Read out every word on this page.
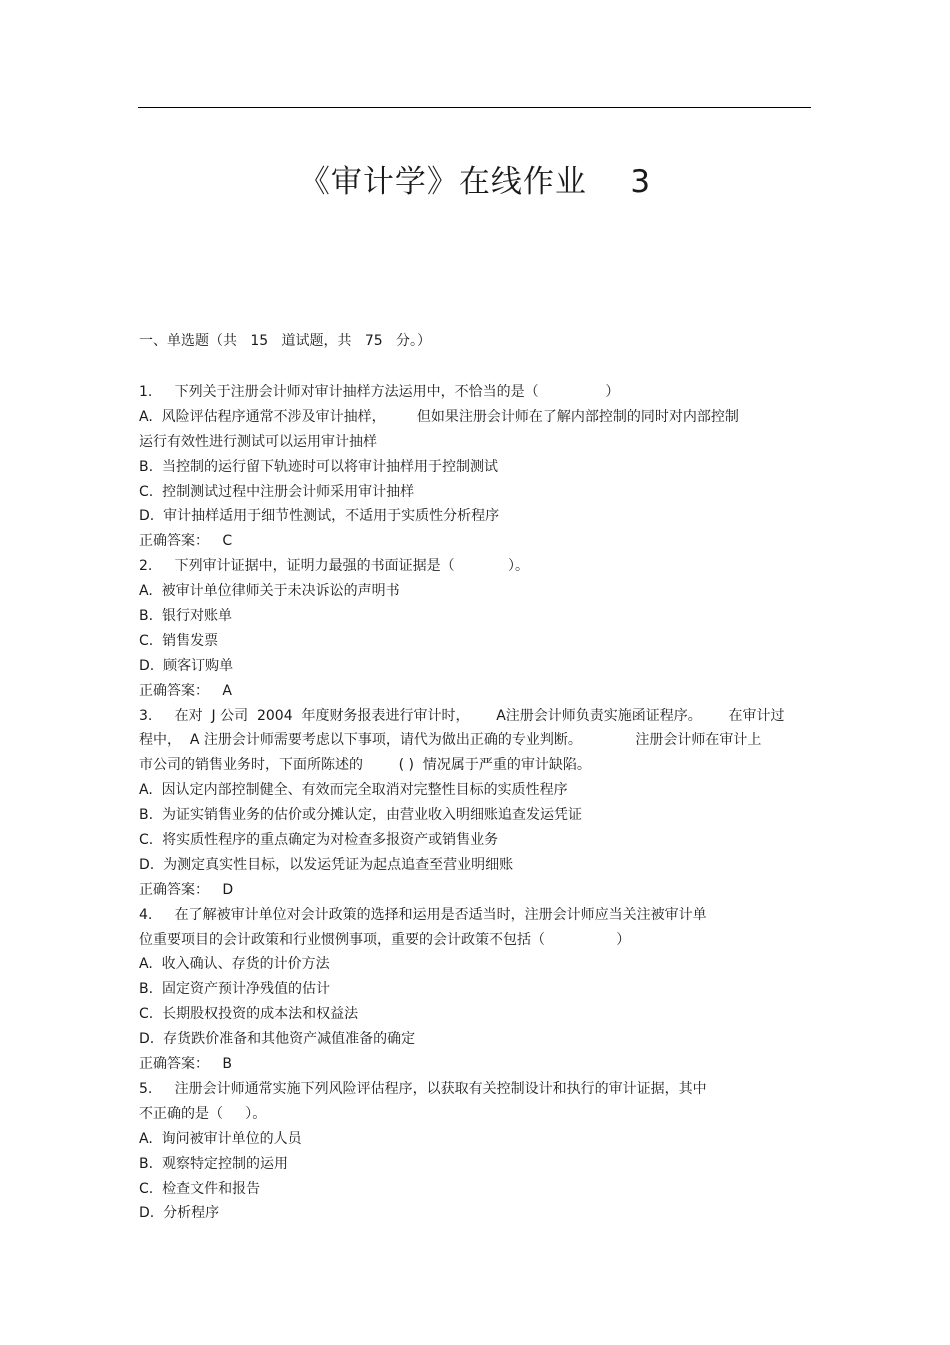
《审计学》在线作业    3
一、单选题（共   15   道试题，共   75   分。）
1.     下列关于注册会计师对审计抽样方法运用中，不恰当的是（               ）
A.  风险评估程序通常不涉及审计抽样，       但如果注册会计师在了解内部控制的同时对内部控制
运行有效性进行测试可以运用审计抽样
B.  当控制的运行留下轨迹时可以将审计抽样用于控制测试
C.  控制测试过程中注册会计师采用审计抽样
D.  审计抽样适用于细节性测试，不适用于实质性分析程序
正确答案：   C
2.     下列审计证据中，证明力最强的书面证据是（            ）。
A.  被审计单位律师关于未决诉讼的声明书
B.  银行对账单
C.  销售发票
D.  顾客订购单
正确答案：   A
3.     在对  J 公司  2004  年度财务报表进行审计时，      A注册会计师负责实施函证程序。      在审计过
程中，  A 注册会计师需要考虑以下事项，请代为做出正确的专业判断。            注册会计师在审计上
市公司的销售业务时，下面所陈述的        ( )  情况属于严重的审计缺陷。
A.  因认定内部控制健全、有效而完全取消对完整性目标的实质性程序
B.  为证实销售业务的估价或分摊认定，由营业收入明细账追查发运凭证
C.  将实质性程序的重点确定为对检查多报资产或销售业务
D.  为测定真实性目标，以发运凭证为起点追查至营业明细账
正确答案：   D
4.     在了解被审计单位对会计政策的选择和运用是否适当时，注册会计师应当关注被审计单
位重要项目的会计政策和行业惯例事项，重要的会计政策不包括（                ）
A.  收入确认、存货的计价方法
B.  固定资产预计净残值的估计
C.  长期股权投资的成本法和权益法
D.  存货跌价准备和其他资产减值准备的确定
正确答案：   B
5.     注册会计师通常实施下列风险评估程序，以获取有关控制设计和执行的审计证据，其中
不正确的是（     ）。
A.  询问被审计单位的人员
B.  观察特定控制的运用
C.  检查文件和报告
D.  分析程序
